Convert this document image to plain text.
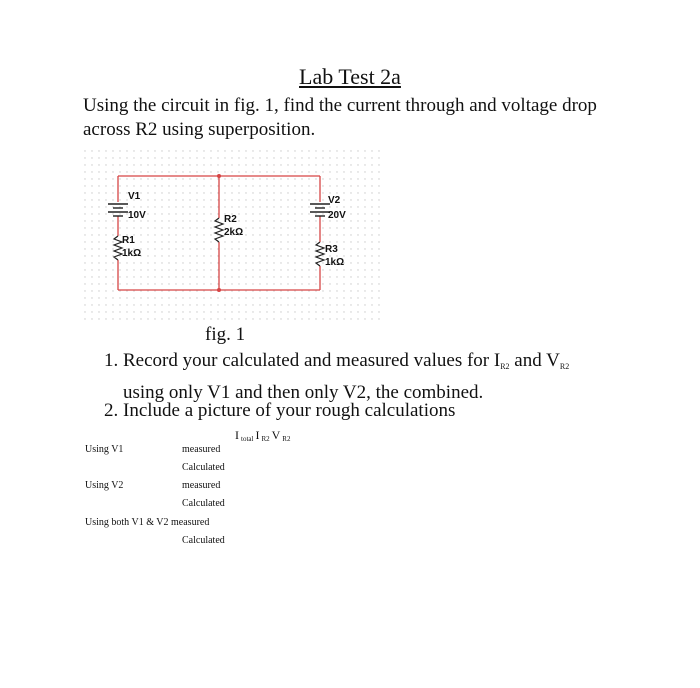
Lab Test 2a
Using the circuit in fig. 1, find the current through and voltage drop across R2 using superposition.
V1
10V
R1
1kΩ
R2
2kΩ
V2
20V
R3
1kΩ
fig. 1
1. Record your calculated and measured values for $I_{R2}$ and $V_{R2}$
using only V1 and then only V2, the combined.
2. Include a picture of your rough calculations
I $_{total}$ I $_{R2}$ V $_{R2}$
Using V1	measured
Calculated
Using V2	measured
Calculated
Using both V1 & V2 measured
Calculated
